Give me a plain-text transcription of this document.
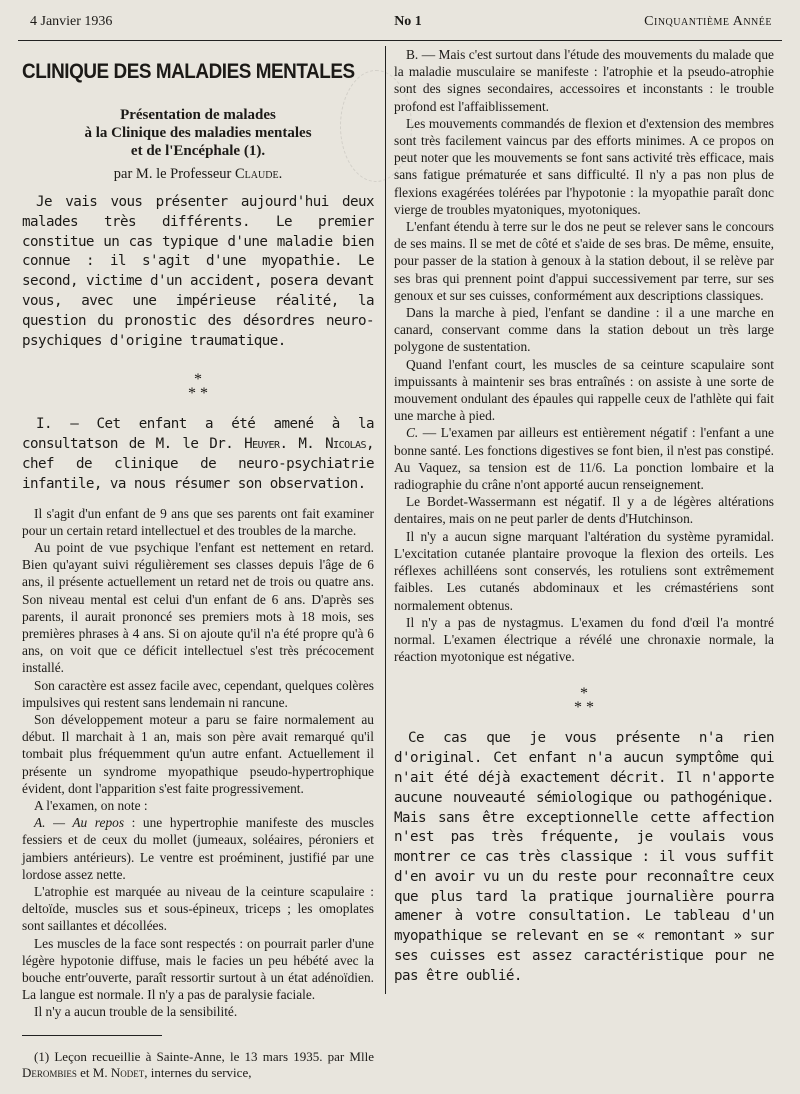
4 Janvier 1936	No 1	Cinquantième Année
CLINIQUE DES MALADIES MENTALES
Présentation de malades
à la Clinique des maladies mentales
et de l'Encéphale (1).
par M. le Professeur Claude.

Je vais vous présenter aujourd'hui deux malades très différents. Le premier constitue un cas typique d'une maladie bien connue : il s'agit d'une myopathie. Le second, victime d'un accident, posera devant vous, avec une impérieuse réalité, la question du pronostic des désordres neuro-psychiques d'origine traumatique.

*
* *

I. — Cet enfant a été amené à la consultatson de M. le Dr. Heuyer. M. Nicolas, chef de clinique de neuro-psychiatrie infantile, va nous résumer son observation.

Il s'agit d'un enfant de 9 ans que ses parents ont fait examiner pour un certain retard intellectuel et des troubles de la marche.

Au point de vue psychique l'enfant est nettement en retard. Bien qu'ayant suivi régulièrement ses classes depuis l'âge de 6 ans, il présente actuellement un retard net de trois ou quatre ans. Son niveau mental est celui d'un enfant de 6 ans. D'après ses parents, il aurait prononcé ses premiers mots à 18 mois, ses premières phrases à 4 ans. Si on ajoute qu'il n'a été propre qu'à 6 ans, on voit que ce déficit intellectuel s'est très précocement installé.

Son caractère est assez facile avec, cependant, quelques colères impulsives qui restent sans lendemain ni rancune.

Son développement moteur a paru se faire normalement au début. Il marchait à 1 an, mais son père avait remarqué qu'il tombait plus fréquemment qu'un autre enfant. Actuellement il présente un syndrome myopathique pseudo-hypertrophique évident, dont l'apparition s'est faite progressivement.

A l'examen, on note :

A. — Au repos : une hypertrophie manifeste des muscles fessiers et de ceux du mollet (jumeaux, soléaires, péroniers et jambiers antérieurs). Le ventre est proéminent, justifié par une lordose assez nette.

L'atrophie est marquée au niveau de la ceinture scapulaire : deltoïde, muscles sus et sous-épineux, triceps ; les omoplates sont saillantes et décollées.

Les muscles de la face sont respectés : on pourrait parler d'une légère hypotonie diffuse, mais le facies un peu hébété avec la bouche entr'ouverte, paraît ressortir surtout à un état adénoïdien. La langue est normale. Il n'y a pas de paralysie faciale.

Il n'y a aucun trouble de la sensibilité.

(1) Leçon recueillie à Sainte-Anne, le 13 mars 1935. par Mlle Derombies et M. Nodet, internes du service,

B. — Mais c'est surtout dans l'étude des mouvements du malade que la maladie musculaire se manifeste : l'atrophie et la pseudo-atrophie sont des signes secondaires, accessoires et inconstants : le trouble profond est l'affaiblissement.

Les mouvements commandés de flexion et d'extension des membres sont très facilement vaincus par des efforts minimes. A ce propos on peut noter que les mouvements se font sans activité très efficace, mais sans fatigue prématurée et sans difficulté. Il n'y a pas non plus de flexions exagérées tolérées par l'hypotonie : la myopathie paraît donc vierge de troubles myatoniques, myotoniques.

L'enfant étendu à terre sur le dos ne peut se relever sans le concours de ses mains. Il se met de côté et s'aide de ses bras. De même, ensuite, pour passer de la station à genoux à la station debout, il se relève par ses bras qui prennent point d'appui successivement par terre, sur ses genoux et sur ses cuisses, conformément aux descriptions classiques.

Dans la marche à pied, l'enfant se dandine : il a une marche en canard, conservant comme dans la station debout un très large polygone de sustentation.

Quand l'enfant court, les muscles de sa ceinture scapulaire sont impuissants à maintenir ses bras entraînés : on assiste à une sorte de mouvement ondulant des épaules qui rappelle ceux de l'athlète qui fait une marche à pied.

C. — L'examen par ailleurs est entièrement négatif : l'enfant a une bonne santé. Les fonctions digestives se font bien, il n'est pas constipé. Au Vaquez, sa tension est de 11/6. La ponction lombaire et la radiographie du crâne n'ont apporté aucun renseignement.

Le Bordet-Wassermann est négatif. Il y a de légères altérations dentaires, mais on ne peut parler de dents d'Hutchinson.

Il n'y a aucun signe marquant l'altération du système pyramidal. L'excitation cutanée plantaire provoque la flexion des orteils. Les réflexes achilléens sont conservés, les rotuliens sont extrêmement faibles. Les cutanés abdominaux et les crémastériens sont normalement obtenus.

Il n'y a pas de nystagmus. L'examen du fond d'œil l'a montré normal. L'examen électrique a révélé une chronaxie normale, la réaction myotonique est négative.

*
* *

Ce cas que je vous présente n'a rien d'original. Cet enfant n'a aucun symptôme qui n'ait été déjà exactement décrit. Il n'apporte aucune nouveauté sémiologique ou pathogénique. Mais sans être exceptionnelle cette affection n'est pas très fréquente, je voulais vous montrer ce cas très classique : il vous suffit d'en avoir vu un du reste pour reconnaître ceux que plus tard la pratique journalière pourra amener à votre consultation. Le tableau d'un myopathique se relevant en se « remontant » sur ses cuisses est assez caractéristique pour ne pas être oublié.
